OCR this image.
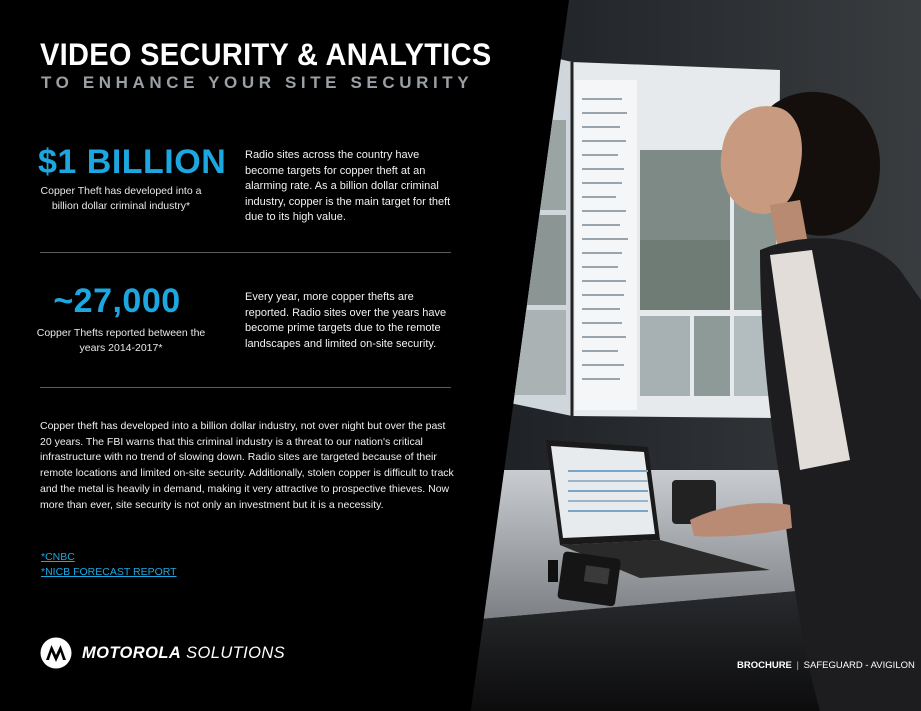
VIDEO SECURITY & ANALYTICS
TO ENHANCE YOUR SITE SECURITY
$1 BILLION
Copper Theft has developed into a
billion dollar criminal industry*
Radio sites across the country have become targets for copper theft at an alarming rate. As a billion dollar criminal industry, copper is the main target for theft due to its high value.
~27,000
Copper Thefts reported between the
years 2014-2017*
Every year, more copper thefts are reported. Radio sites over the years have become prime targets due to the remote landscapes and limited on-site security.
Copper theft has developed into a billion dollar industry, not over night but over the past 20 years. The FBI warns that this criminal industry is a threat to our nation's critical infrastructure with no trend of slowing down. Radio sites are targeted because of their remote locations and limited on-site security. Additionally, stolen copper is difficult to track and the metal is heavily in demand, making it very attractive to prospective thieves. Now more than ever, site security is not only an investment but it is a necessity.
*CNBC
*NICB FORECAST REPORT
MOTOROLA SOLUTIONS
BROCHURE | SAFEGUARD - AVIGILON
